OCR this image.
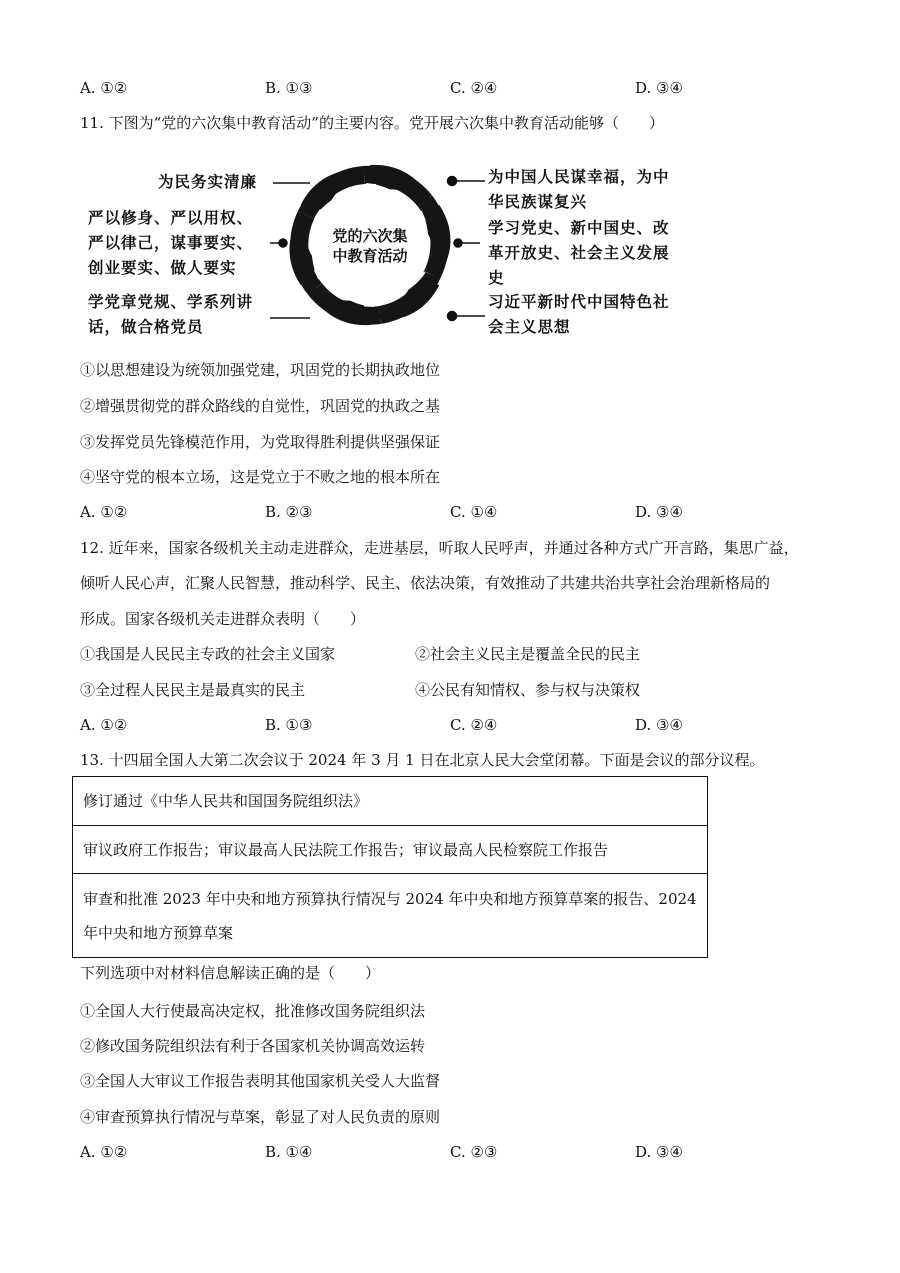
A. ①②	B. ①③	C. ②④	D. ③④
11. 下图为“党的六次集中教育活动”的主要内容。党开展六次集中教育活动能够（　　）
党的六次集
中教育活动
为民务实清廉
严以修身、严以用权、
严以律己，谋事要实、
创业要实、做人要实
学党章党规、学系列讲
话，做合格党员
为中国人民谋幸福，为中
华民族谋复兴
学习党史、新中国史、改
革开放史、社会主义发展
史
习近平新时代中国特色社
会主义思想
①以思想建设为统领加强党建，巩固党的长期执政地位
②增强贯彻党的群众路线的自觉性，巩固党的执政之基
③发挥党员先锋模范作用，为党取得胜利提供坚强保证
④坚守党的根本立场，这是党立于不败之地的根本所在
A. ①②	B. ②③	C. ①④	D. ③④
12. 近年来，国家各级机关主动走进群众，走进基层，听取人民呼声，并通过各种方式广开言路，集思广益，
倾听人民心声，汇聚人民智慧，推动科学、民主、依法决策，有效推动了共建共治共享社会治理新格局的
形成。国家各级机关走进群众表明（　　）
①我国是人民民主专政的社会主义国家	②社会主义民主是覆盖全民的民主
③全过程人民民主是最真实的民主	④公民有知情权、参与权与决策权
A. ①②	B. ①③	C. ②④	D. ③④
13. 十四届全国人大第二次会议于 2024 年 3 月 1 日在北京人民大会堂闭幕。下面是会议的部分议程。
修订通过《中华人民共和国国务院组织法》
审议政府工作报告；审议最高人民法院工作报告；审议最高人民检察院工作报告

审查和批准 2023 年中央和地方预算执行情况与 2024 年中央和地方预算草案的报告、2024
年中央和地方预算草案
下列选项中对材料信息解读正确的是（　　）
①全国人大行使最高决定权，批准修改国务院组织法
②修改国务院组织法有利于各国家机关协调高效运转
③全国人大审议工作报告表明其他国家机关受人大监督
④审查预算执行情况与草案，彰显了对人民负责的原则
A. ①②	B. ①④	C. ②③	D. ③④
